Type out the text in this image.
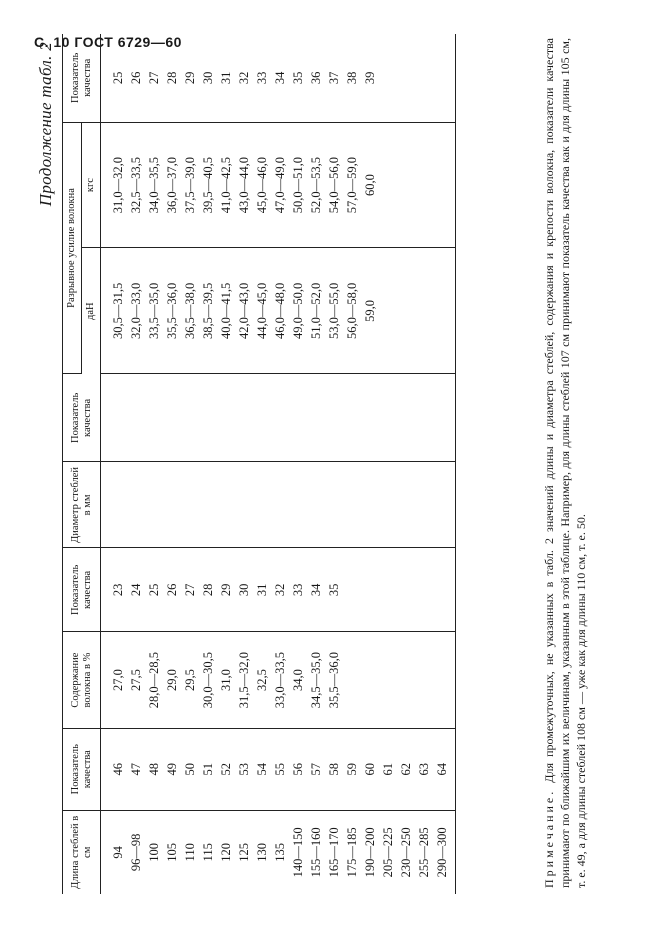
С. 10 ГОСТ 6729—60
Продолжение табл. 2
Длина стеблей в см	Показатель качества	Содержание волокна в %	Показатель качества	Диаметр стеблей в мм	Показатель качества	Разрывное усилие волокна		Показатель качества
						даН	кгс	
94	46	27,0	23			30,5—31,5	31,0—32,0	25
96—98	47	27,5	24			32,0—33,0	32,5—33,5	26
100	48	28,0—28,5	25			33,5—35,0	34,0—35,5	27
105	49	29,0	26			35,5—36,0	36,0—37,0	28
110	50	29,5	27			36,5—38,0	37,5—39,0	29
115	51	30,0—30,5	28			38,5—39,5	39,5—40,5	30
120	52	31,0	29			40,0—41,5	41,0—42,5	31
125	53	31,5—32,0	30			42,0—43,0	43,0—44,0	32
130	54	32,5	31			44,0—45,0	45,0—46,0	33
135	55	33,0—33,5	32			46,0—48,0	47,0—49,0	34
140—150	56	34,0	33			49,0—50,0	50,0—51,0	35
155—160	57	34,5—35,0	34			51,0—52,0	52,0—53,5	36
165—170	58	35,5—36,0	35			53,0—55,0	54,0—56,0	37
175—185	59					56,0—58,0	57,0—59,0	38
190—200	60					59,0	60,0	39
205—225	61							
230—250	62							
255—285	63							
290—300	64							
Примечание. Для промежуточных, не указанных в табл. 2 значений длины и диаметра стеблей, содержания и крепости волокна, показатели качества принимают по ближайшим их величинам, указанным в этой таблице. Например, для длины стеблей 107 см принимают показатель качества как и для длины 105 см, т. е. 49, а для длины стеблей 108 см — уже как для длины 110 см, т. е. 50.
